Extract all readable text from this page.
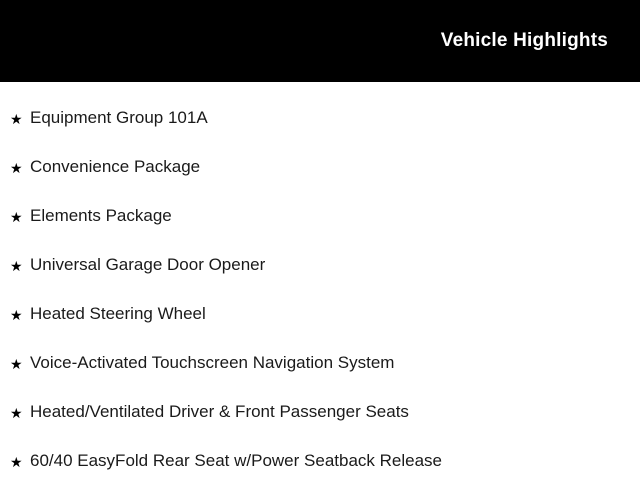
Vehicle Highlights
★ Equipment Group 101A
★ Convenience Package
★ Elements Package
★ Universal Garage Door Opener
★ Heated Steering Wheel
★ Voice-Activated Touchscreen Navigation System
★ Heated/Ventilated Driver & Front Passenger Seats
★ 60/40 EasyFold Rear Seat w/Power Seatback Release
